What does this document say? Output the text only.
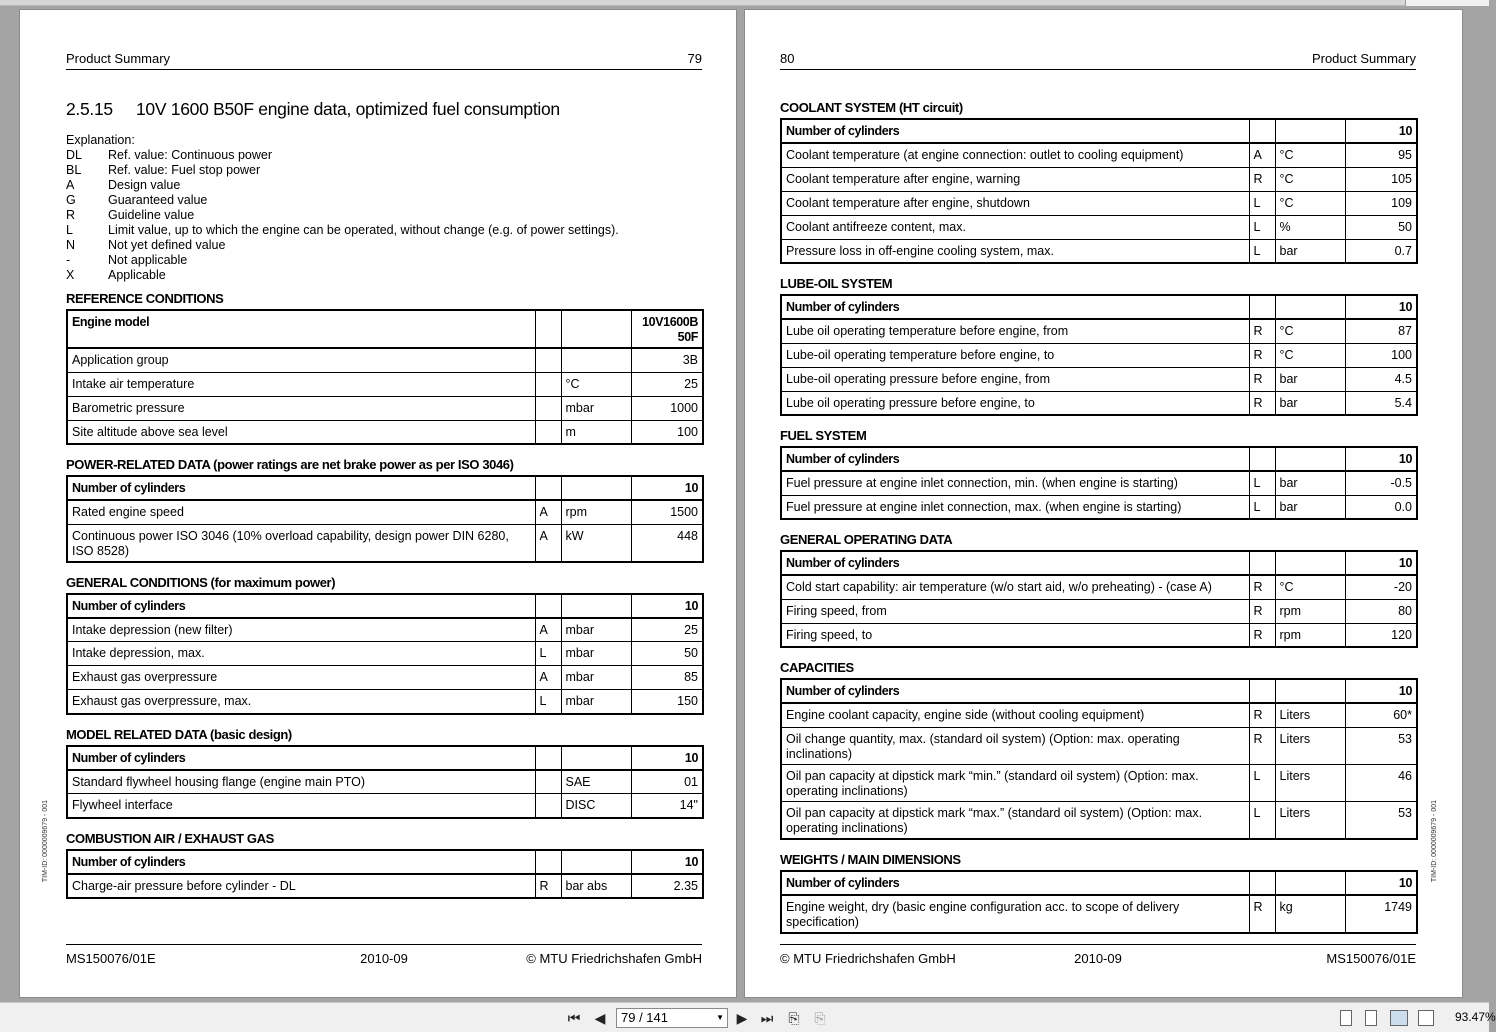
Product Summary	79
2.5.15 10V 1600 B50F engine data, optimized fuel consumption
Explanation:
DL	Ref. value: Continuous power
BL	Ref. value: Fuel stop power
A	Design value
G	Guaranteed value
R	Guideline value
L	Limit value, up to which the engine can be operated, without change (e.g. of power settings).
N	Not yet defined value
-	Not applicable
X	Applicable
REFERENCE CONDITIONS
Engine model			10V1600B 50F
Application group			3B
Intake air temperature		°C	25
Barometric pressure		mbar	1000
Site altitude above sea level		m	100
POWER-RELATED DATA (power ratings are net brake power as per ISO 3046)
Number of cylinders			10
Rated engine speed	A	rpm	1500
Continuous power ISO 3046 (10% overload capability, design power DIN 6280, ISO 8528)	A	kW	448
GENERAL CONDITIONS (for maximum power)
Number of cylinders			10
Intake depression (new filter)	A	mbar	25
Intake depression, max.	L	mbar	50
Exhaust gas overpressure	A	mbar	85
Exhaust gas overpressure, max.	L	mbar	150
MODEL RELATED DATA (basic design)
Number of cylinders			10
Standard flywheel housing flange (engine main PTO)		SAE	01
Flywheel interface		DISC	14"
COMBUSTION AIR / EXHAUST GAS
Number of cylinders			10
Charge-air pressure before cylinder - DL	R	bar abs	2.35
TIM-ID: 0000009679 - 001
MS150076/01E	2010-09	© MTU Friedrichshafen GmbH
80	Product Summary
COOLANT SYSTEM (HT circuit)
Number of cylinders			10
Coolant temperature (at engine connection: outlet to cooling equipment)	A	°C	95
Coolant temperature after engine, warning	R	°C	105
Coolant temperature after engine, shutdown	L	°C	109
Coolant antifreeze content, max.	L	%	50
Pressure loss in off-engine cooling system, max.	L	bar	0.7
LUBE-OIL SYSTEM
Number of cylinders			10
Lube oil operating temperature before engine, from	R	°C	87
Lube-oil operating temperature before engine, to	R	°C	100
Lube-oil operating pressure before engine, from	R	bar	4.5
Lube oil operating pressure before engine, to	R	bar	5.4
FUEL SYSTEM
Number of cylinders			10
Fuel pressure at engine inlet connection, min. (when engine is starting)	L	bar	-0.5
Fuel pressure at engine inlet connection, max. (when engine is starting)	L	bar	0.0
GENERAL OPERATING DATA
Number of cylinders			10
Cold start capability: air temperature (w/o start aid, w/o preheating) - (case A)	R	°C	-20
Firing speed, from	R	rpm	80
Firing speed, to	R	rpm	120
CAPACITIES
Number of cylinders			10
Engine coolant capacity, engine side (without cooling equipment)	R	Liters	60*
Oil change quantity, max. (standard oil system) (Option: max. operating inclinations)	R	Liters	53
Oil pan capacity at dipstick mark “min.” (standard oil system) (Option: max. operating inclinations)	L	Liters	46
Oil pan capacity at dipstick mark “max.” (standard oil system) (Option: max. operating inclinations)	L	Liters	53
WEIGHTS / MAIN DIMENSIONS
Number of cylinders			10
Engine weight, dry (basic engine configuration acc. to scope of delivery specification)	R	kg	1749
TIM-ID: 0000009679 - 001
© MTU Friedrichshafen GmbH	2010-09	MS150076/01E
⏮ ◀	79 / 141	▼ ▶ ⏭ ⎘ ⎘	93.47%
